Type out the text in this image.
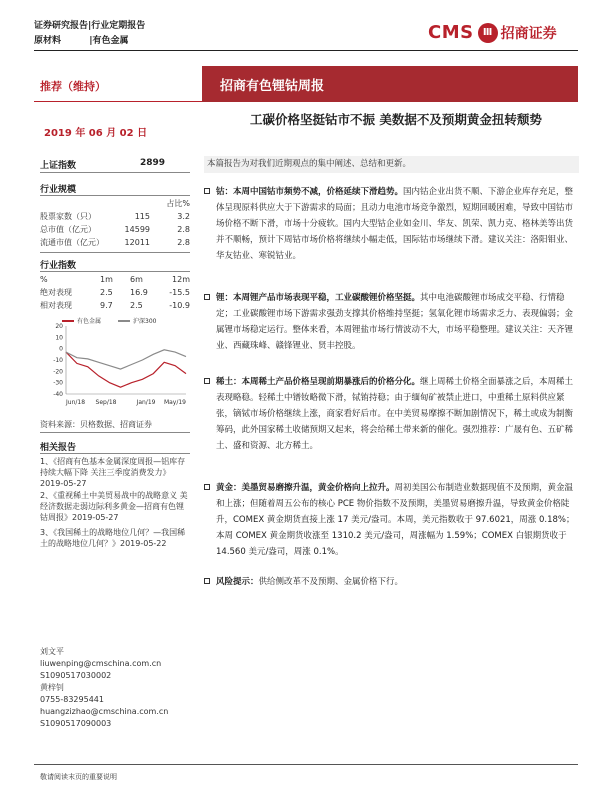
证券研究报告|行业定期报告
原材料	|有色金属	CMS Ⅲ 招商证券
推荐（维持）	招商有色锂钴周报
2019 年 06 月 02 日
工碳价格坚挺钴市不振 美数据不及预期黄金扭转颓势
上证指数	2899
行业规模
占比%
股票家数（只）	115	3.2
总市值（亿元）	14599	2.8
流通市值（亿元）	12011	2.8
行业指数
%	1m	6m	12m
绝对表现	2.5	16.9	-15.5
相对表现	9.7	2.5	-10.9
有色金属	沪深300
20
10
0
-10
-20
-30
-40
Jun/18 Sep/18	Jan/19 May/19
资料来源：贝格数据、招商证券
相关报告
1、《招商有色基本金属深度周报—铝库存持续大幅下降 关注三季度消费发力》2019-05-27
2、《重视稀土中美贸易战中的战略意义 美经济数据走弱边际利多黄金—招商有色锂钴周报》2019-05-27
3、《我国稀土的战略地位几何？—我国稀土的战略地位几何？》2019-05-22
刘文平
liuwenping@cmschina.com.cn
S1090517030002
黄梓钊
0755-83295441
huangzizhao@cmschina.com.cn
S1090517090003
敬请阅读末页的重要说明
本篇报告为对我们近期观点的集中阐述、总结和更新。
钴：本周中国钴市频势不减，价格延续下滑趋势。国内钴企业出货不顺、下游企业库存充足，整体呈现原料供应大于下游需求的局面；且动力电池市场竞争激烈，短期回暖困难，导致中国钴市场价格不断下滑，市场十分疲软。国内大型钴企业如金川、华友、凯荣、凯力克、格林美等出货并不顺畅，预计下周钴市场价格将继续小幅走低，国际钴市场继续下滑。建议关注：洛阳钼业、华友钴业、寒锐钴业。
锂：本周锂产品市场表现平稳，工业碳酸锂价格坚挺。其中电池碳酸锂市场成交平稳、行情稳定；工业碳酸锂市场下游需求强劲支撑其价格维持坚挺；氢氧化锂市场需求乏力、表现偏弱；金属锂市场稳定运行。整体来看，本周锂盐市场行情波动不大，市场平稳整理。建议关注：天齐锂业、西藏珠峰、赣锋锂业、贤丰控股。
稀土：本周稀土产品价格呈现前期暴涨后的价格分化。继上周稀土价格全面暴涨之后，本周稀土表现略稳。轻稀土中镨钕略微下滑，铽铕持稳；由于缅甸矿被禁止进口，中重稀土原料供应紧张，镝铽市场价格继续上涨，商家看好后市。在中美贸易摩擦不断加剧情况下，稀土或成为制衡筹码，此外国家稀土收储预期又起来，将会给稀土带来新的催化。强烈推荐：广晟有色、五矿稀土、盛和资源、北方稀土。
黄金：美墨贸易磨擦升温，黄金价格向上拉升。周初美国公布制造业数据现值不及预期，黄金温和上涨；但随着周五公布的核心 PCE 物价指数不及预期，美墨贸易磨擦升温，导致黄金价格陡升，COMEX 黄金期货直接上涨 17 美元/盎司。本周，美元指数收于 97.6021，周涨 0.18%；本周 COMEX 黄金期货收涨至 1310.2 美元/盎司，周涨幅为 1.59%；COMEX 白银期货收于 14.560 美元/盎司，周涨 0.1%。
风险提示：供给侧改革不及预期、金属价格下行。
